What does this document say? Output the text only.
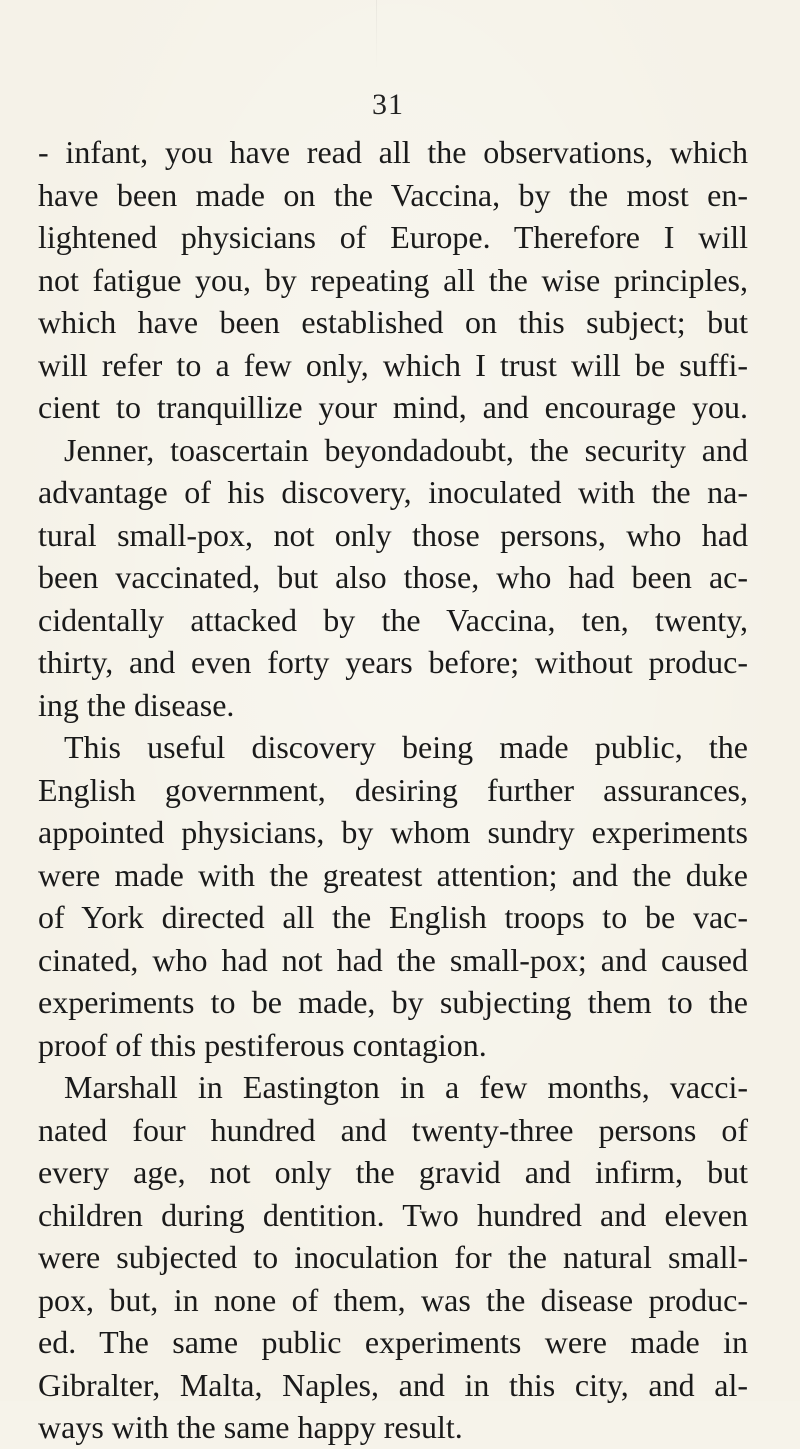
31
- infant, you have read all the observations, which
have been made on the Vaccina, by the most en-
lightened physicians of Europe. Therefore I will
not fatigue you, by repeating all the wise principles,
which have been established on this subject; but
will refer to a few only, which I trust will be suffi-
cient to tranquillize your mind, and encourage you.
Jenner, toascertain beyondadoubt, the security and
advantage of his discovery, inoculated with the na-
tural small-pox, not only those persons, who had
been vaccinated, but also those, who had been ac-
cidentally attacked by the Vaccina, ten, twenty,
thirty, and even forty years before; without produc-
ing the disease.
This useful discovery being made public, the
English government, desiring further assurances,
appointed physicians, by whom sundry experiments
were made with the greatest attention; and the duke
of York directed all the English troops to be vac-
cinated, who had not had the small-pox; and caused
experiments to be made, by subjecting them to the
proof of this pestiferous contagion.
Marshall in Eastington in a few months, vacci-
nated four hundred and twenty-three persons of
every age, not only the gravid and infirm, but
children during dentition. Two hundred and eleven
were subjected to inoculation for the natural small-
pox, but, in none of them, was the disease produc-
ed. The same public experiments were made in
Gibralter, Malta, Naples, and in this city, and al-
ways with the same happy result.
